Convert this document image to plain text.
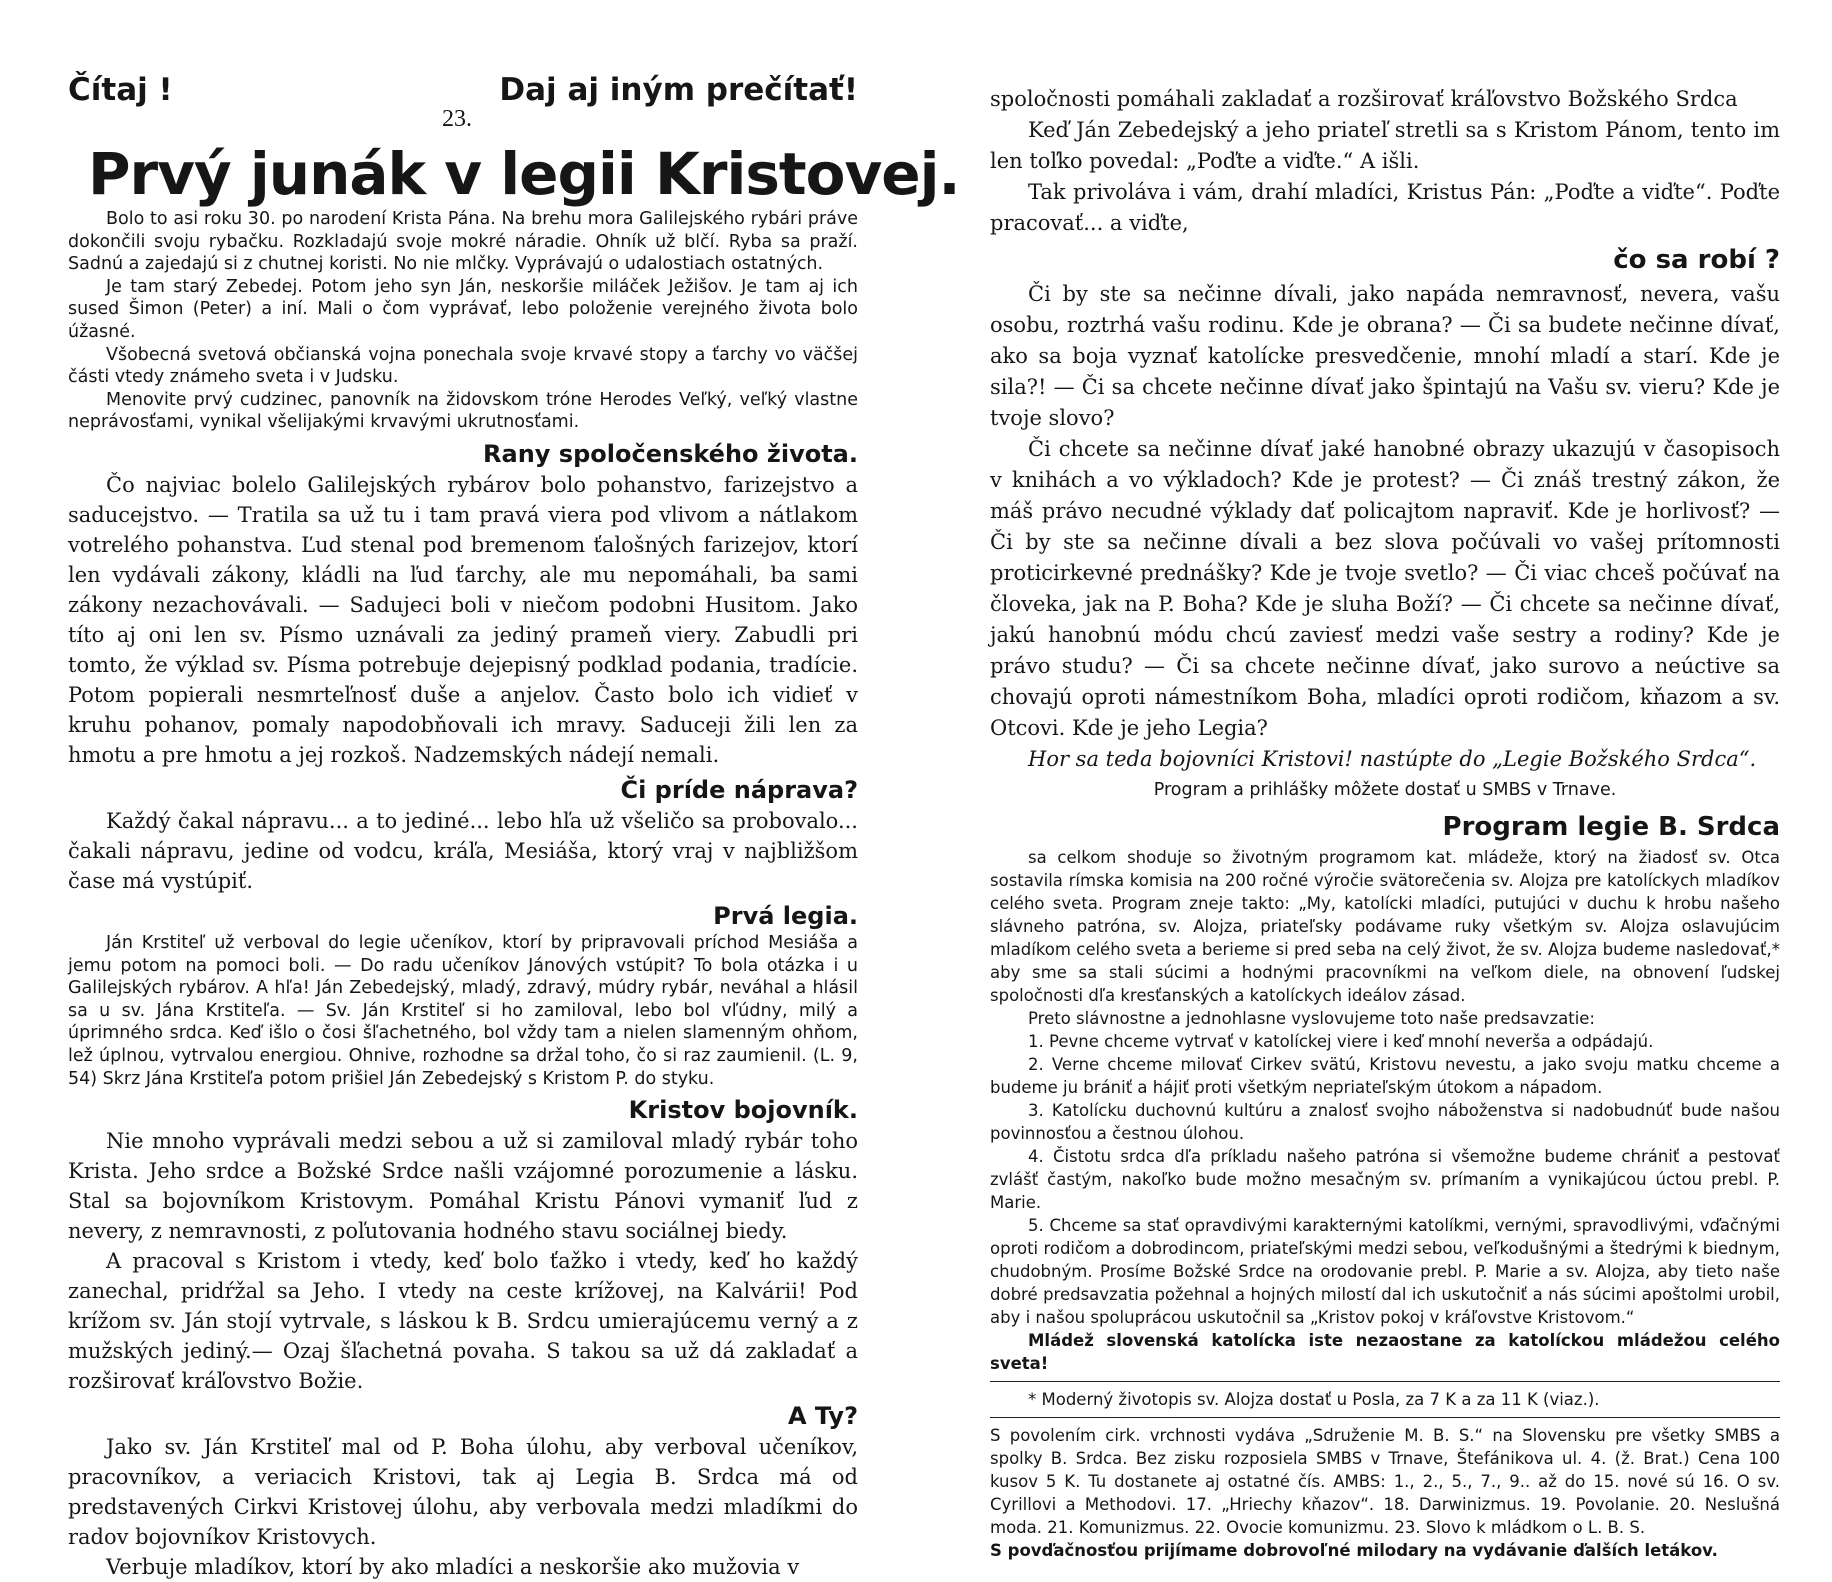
Čítaj !
23.
Daj aj iným prečítať!
Prvý junák v legii Kristovej.

Bolo to asi roku 30. po narodení Krista Pána. Na brehu mora Galilejského rybári práve dokončili svoju rybačku. Rozkladajú svoje mokré náradie. Ohník už blčí. Ryba sa praží. Sadnú a zajedajú si z chutnej koristi. No nie mlčky. Vyprávajú o udalostiach ostatných.

Je tam starý Zebedej. Potom jeho syn Ján, neskoršie miláček Ježišov. Je tam aj ich sused Šimon (Peter) a iní. Mali o čom vyprávať, lebo položenie verejného života bolo úžasné.

Všobecná svetová občianská vojna ponechala svoje krvavé stopy a ťarchy vo väčšej části vtedy známeho sveta i v Judsku.

Menovite prvý cudzinec, panovník na židovskom tróne Herodes Veľký, veľký vlastne neprávosťami, vynikal všelijakými krvavými ukrutnosťami.

Rany spoločenského života.

Čo najviac bolelo Galilejských rybárov bolo pohanstvo, farizejstvo a saducejstvo. — Tratila sa už tu i tam pravá viera pod vlivom a nátlakom votrelého pohanstva. Ľud stenal pod bremenom ťalošných farizejov, ktorí len vydávali zákony, kládli na ľud ťarchy, ale mu nepomáhali, ba sami zákony nezachovávali. — Sadujeci boli v niečom podobni Husitom. Jako títo aj oni len sv. Písmo uznávali za jediný prameň viery. Zabudli pri tomto, že výklad sv. Písma potrebuje dejepisný podklad podania, tradície. Potom popierali nesmrteľnosť duše a anjelov. Často bolo ich vidieť v kruhu pohanov, pomaly napodobňovali ich mravy. Saduceji žili len za hmotu a pre hmotu a jej rozkoš. Nadzemských nádejí nemali.

Či príde náprava?

Každý čakal nápravu... a to jediné... lebo hľa už všeličo sa probovalo... čakali nápravu, jedine od vodcu, kráľa, Mesiáša, ktorý vraj v najbližšom čase má vystúpiť.

Prvá legia.

Ján Krstiteľ už verboval do legie učeníkov, ktorí by pripravovali príchod Mesiáša a jemu potom na pomoci boli. — Do radu učeníkov Jánových vstúpit? To bola otázka i u Galilejských rybárov. A hľa! Ján Zebedejský, mladý, zdravý, múdry rybár, neváhal a hlásil sa u sv. Jána Krstiteľa. — Sv. Ján Krstiteľ si ho zamiloval, lebo bol vľúdny, milý a úprimného srdca. Keď išlo o čosi šľachetného, bol vždy tam a nielen slamenným ohňom, lež úplnou, vytrvalou energiou. Ohnive, rozhodne sa držal toho, čo si raz zaumienil. (L. 9, 54) Skrz Jána Krstiteľa potom prišiel Ján Zebedejský s Kristom P. do styku.

Kristov bojovník.

Nie mnoho vyprávali medzi sebou a už si zamiloval mladý rybár toho Krista. Jeho srdce a Božské Srdce našli vzájomné porozumenie a lásku. Stal sa bojovníkom Kristovym. Pomáhal Kristu Pánovi vymaniť ľud z nevery, z nemravnosti, z poľutovania hodného stavu sociálnej biedy.

A pracoval s Kristom i vtedy, keď bolo ťažko i vtedy, keď ho každý zanechal, pridŕžal sa Jeho. I vtedy na ceste krížovej, na Kalvárii! Pod krížom sv. Ján stojí vytrvale, s láskou k B. Srdcu umierajúcemu verný a z mužských jediný.— Ozaj šľachetná povaha. S takou sa už dá zakladať a rozširovať kráľovstvo Božie.

A Ty?

Jako sv. Ján Krstiteľ mal od P. Boha úlohu, aby verboval učeníkov, pracovníkov, a veriacich Kristovi, tak aj Legia B. Srdca má od predstavených Cirkvi Kristovej úlohu, aby verbovala medzi mladíkmi do radov bojovníkov Kristovych.

Verbuje mladíkov, ktorí by ako mladíci a neskoršie ako mužovia v

spoločnosti pomáhali zakladať a rozširovať kráľovstvo Božského Srdca

Keď Ján Zebedejský a jeho priateľ stretli sa s Kristom Pánom, tento im len toľko povedal: „Poďte a viďte.“ A išli.

Tak privoláva i vám, drahí mladíci, Kristus Pán: „Poďte a viďte“. Poďte pracovať... a viďte,

čo sa robí ?

Či by ste sa nečinne dívali, jako napáda nemravnosť, nevera, vašu osobu, roztrhá vašu rodinu. Kde je obrana? — Či sa budete nečinne dívať, ako sa boja vyznať katolícke presvedčenie, mnohí mladí a starí. Kde je sila?! — Či sa chcete nečinne dívať jako špintajú na Vašu sv. vieru? Kde je tvoje slovo?

Či chcete sa nečinne dívať jaké hanobné obrazy ukazujú v časopisoch v knihách a vo výkladoch? Kde je protest? — Či znáš trestný zákon, že máš právo necudné výklady dať policajtom napraviť. Kde je horlivosť? — Či by ste sa nečinne dívali a bez slova počúvali vo vašej prítomnosti proticirkevné prednášky? Kde je tvoje svetlo? — Či viac chceš počúvať na človeka, jak na P. Boha? Kde je sluha Boží? — Či chcete sa nečinne dívať, jakú hanobnú módu chcú zaviesť medzi vaše sestry a rodiny? Kde je právo studu? — Či sa chcete nečinne dívať, jako surovo a neúctive sa chovajú oproti námestníkom Boha, mladíci oproti rodičom, kňazom a sv. Otcovi. Kde je jeho Legia?

Hor sa teda bojovníci Kristovi! nastúpte do „Legie Božského Srdca“.

Program a prihlášky môžete dostať u SMBS v Trnave.

Program legie B. Srdca

sa celkom shoduje so životným programom kat. mládeže, ktorý na žiadosť sv. Otca sostavila rímska komisia na 200 ročné výročie svätorečenia sv. Alojza pre katolíckych mladíkov celého sveta. Program zneje takto: „My, katolícki mladíci, putujúci v duchu k hrobu našeho slávneho patróna, sv. Alojza, priateľsky podávame ruky všetkým sv. Alojza oslavujúcim mladíkom celého sveta a berieme si pred seba na celý život, že sv. Alojza budeme nasledovať,* aby sme sa stali súcimi a hodnými pracovníkmi na veľkom diele, na obnovení ľudskej spoločnosti dľa kresťanských a katolíckych ideálov zásad.

Preto slávnostne a jednohlasne vyslovujeme toto naše predsavzatie:

1. Pevne chceme vytrvať v katolíckej viere i keď mnohí neverša a odpádajú.

2. Verne chceme milovať Cirkev svätú, Kristovu nevestu, a jako svoju matku chceme a budeme ju brániť a hájiť proti všetkým nepriateľským útokom a nápadom.

3. Katolícku duchovnú kultúru a znalosť svojho náboženstva si nadobudnúť bude našou povinnosťou a čestnou úlohou.

4. Čistotu srdca dľa príkladu našeho patróna si všemožne budeme chrániť a pestovať zvlášť častým, nakoľko bude možno mesačným sv. prímaním a vynikajúcou úctou prebl. P. Marie.

5. Chceme sa stať opravdivými karakternými katolíkmi, vernými, spravodlivými, vďačnými oproti rodičom a dobrodincom, priateľskými medzi sebou, veľkodušnými a štedrými k biednym, chudobným. Prosíme Božské Srdce na orodovanie prebl. P. Marie a sv. Alojza, aby tieto naše dobré predsavzatia požehnal a hojných milostí dal ich uskutočniť a nás súcimi apoštolmi urobil, aby i našou spoluprácou uskutočnil sa „Kristov pokoj v kráľovstve Kristovom.“

Mládež slovenská katolícka iste nezaostane za katolíckou mládežou celého sveta!

* Moderný životopis sv. Alojza dostať u Posla, za 7 K a za 11 K (viaz.).

S povolením cirk. vrchnosti vydáva „Sdruženie M. B. S.“ na Slovensku pre všetky SMBS a spolky B. Srdca. Bez zisku rozposiela SMBS v Trnave, Štefánikova ul. 4. (ž. Brat.) Cena 100 kusov 5 K. Tu dostanete aj ostatné čís. AMBS: 1., 2., 5., 7., 9.. až do 15. nové sú 16. O sv. Cyrillovi a Methodovi. 17. „Hriechy kňazov“. 18. Darwinizmus. 19. Povolanie. 20. Neslušná moda. 21. Komunizmus. 22. Ovocie komunizmu. 23. Slovo k mládkom o L. B. S.

S povďačnosťou prijímame dobrovoľné milodary na vydávanie ďalších letákov.
